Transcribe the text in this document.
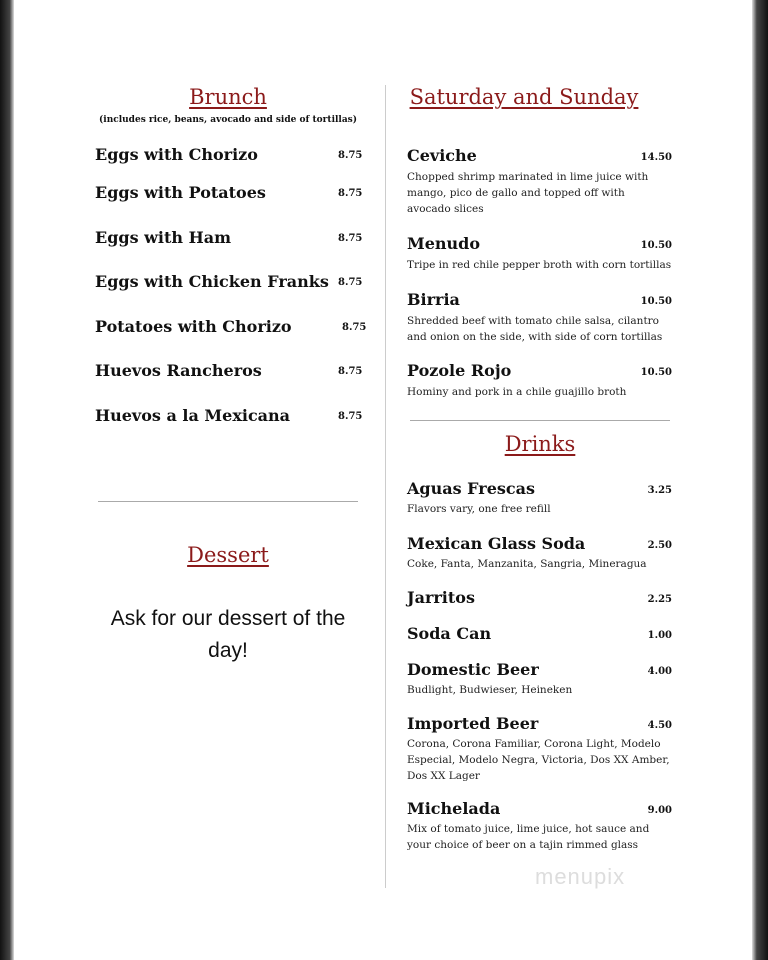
Brunch
(includes rice, beans, avocado and side of tortillas)
Eggs with Chorizo	8.75
Eggs with Potatoes	8.75
Eggs with Ham	8.75
Eggs with Chicken Franks 8.75
Potatoes with Chorizo	8.75
Huevos Rancheros	8.75
Huevos a la Mexicana	8.75
Dessert
Ask for our dessert of the day!
Saturday and Sunday
Ceviche	14.50
Chopped shrimp marinated in lime juice with
mango, pico de gallo and topped off with
avocado slices
Menudo	10.50
Tripe in red chile pepper broth with corn tortillas
Birria	10.50
Shredded beef with tomato chile salsa, cilantro
and onion on the side, with side of corn tortillas
Pozole Rojo	10.50
Hominy and pork in a chile guajillo broth
Drinks
Aguas Frescas	3.25
Flavors vary, one free refill
Mexican Glass Soda	2.50
Coke, Fanta, Manzanita, Sangria, Mineragua
Jarritos	2.25
Soda Can	1.00
Domestic Beer	4.00
Budlight, Budwieser, Heineken
Imported Beer	4.50
Corona, Corona Familiar, Corona Light, Modelo
Especial, Modelo Negra, Victoria, Dos XX Amber,
Dos XX Lager
Michelada	9.00
Mix of tomato juice, lime juice, hot sauce and
your choice of beer on a tajin rimmed glass
menupix
